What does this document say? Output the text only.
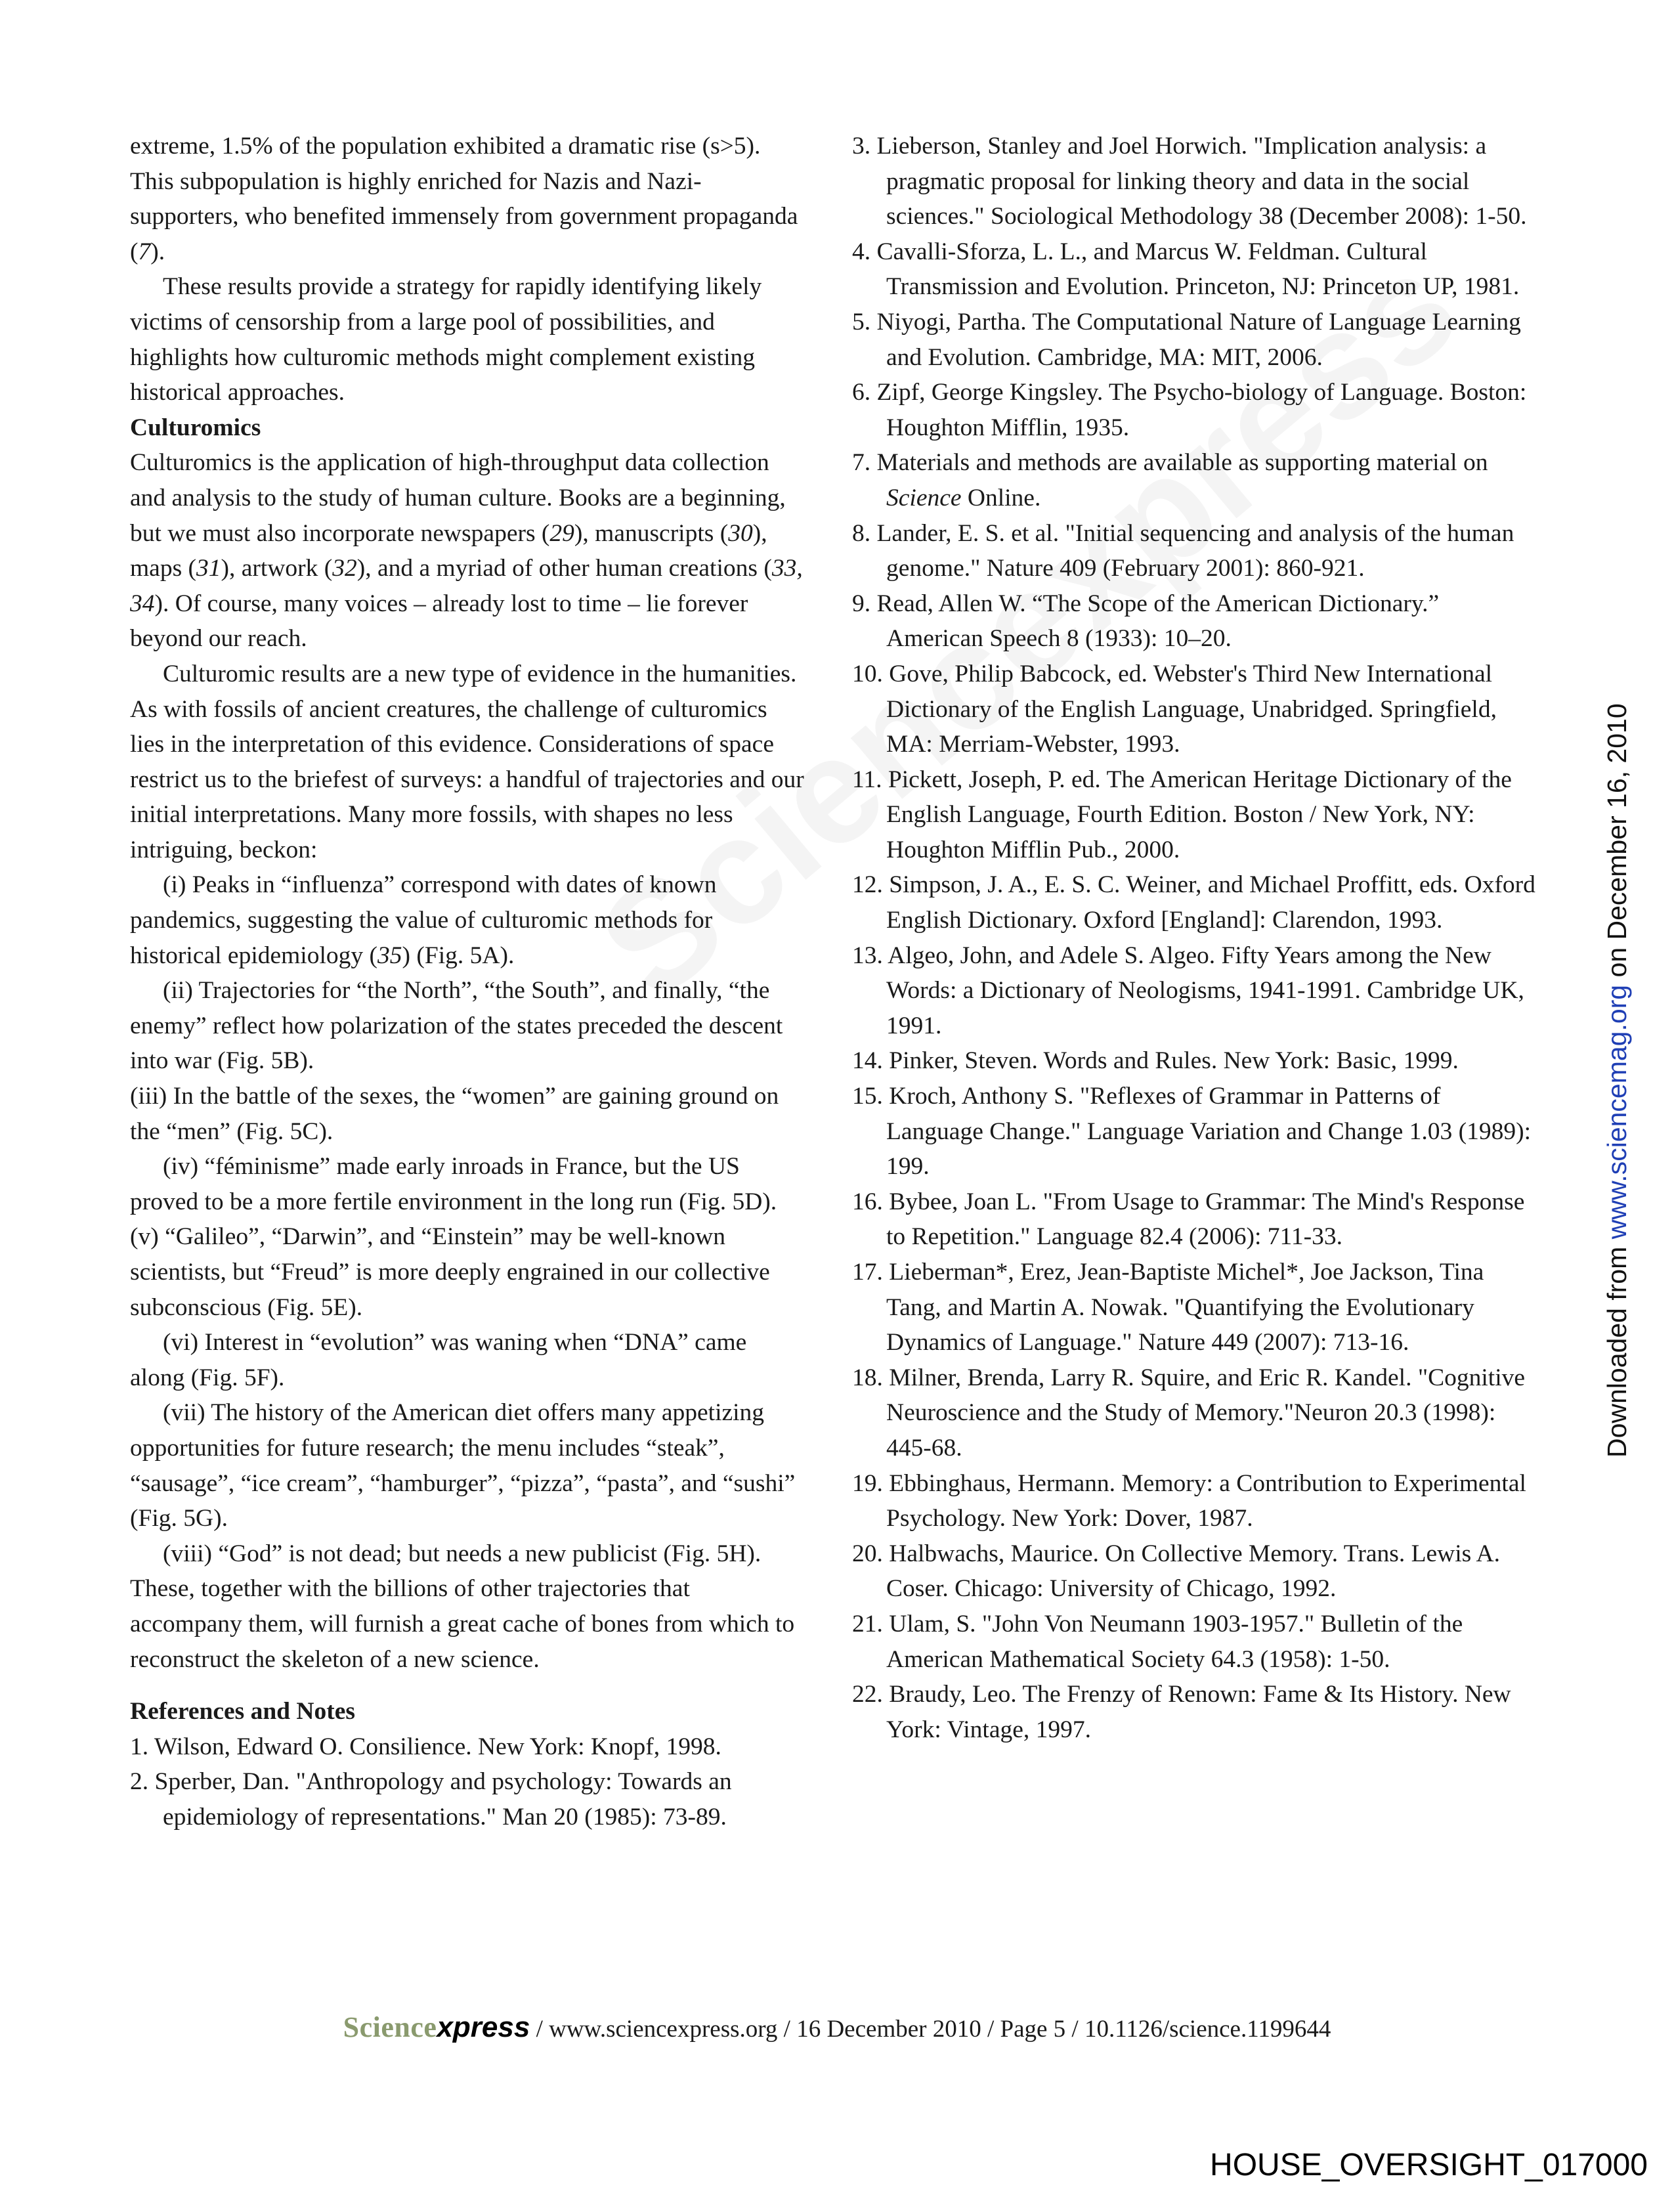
extreme, 1.5% of the population exhibited a dramatic rise (s>5). This subpopulation is highly enriched for Nazis and Nazi-supporters, who benefited immensely from government propaganda (7).

These results provide a strategy for rapidly identifying likely victims of censorship from a large pool of possibilities, and highlights how culturomic methods might complement existing historical approaches.

Culturomics

Culturomics is the application of high-throughput data collection and analysis to the study of human culture. Books are a beginning, but we must also incorporate newspapers (29), manuscripts (30), maps (31), artwork (32), and a myriad of other human creations (33, 34). Of course, many voices – already lost to time – lie forever beyond our reach.

Culturomic results are a new type of evidence in the humanities. As with fossils of ancient creatures, the challenge of culturomics lies in the interpretation of this evidence. Considerations of space restrict us to the briefest of surveys: a handful of trajectories and our initial interpretations. Many more fossils, with shapes no less intriguing, beckon:

(i) Peaks in “influenza” correspond with dates of known pandemics, suggesting the value of culturomic methods for historical epidemiology (35) (Fig. 5A).

(ii) Trajectories for “the North”, “the South”, and finally, “the enemy” reflect how polarization of the states preceded the descent into war (Fig. 5B).

(iii) In the battle of the sexes, the “women” are gaining ground on the “men” (Fig. 5C).

(iv) “féminisme” made early inroads in France, but the US proved to be a more fertile environment in the long run (Fig. 5D).

(v) “Galileo”, “Darwin”, and “Einstein” may be well-known scientists, but “Freud” is more deeply engrained in our collective subconscious (Fig. 5E).

(vi) Interest in “evolution” was waning when “DNA” came along (Fig. 5F).

(vii) The history of the American diet offers many appetizing opportunities for future research; the menu includes “steak”, “sausage”, “ice cream”, “hamburger”, “pizza”, “pasta”, and “sushi” (Fig. 5G).

(viii) “God” is not dead; but needs a new publicist (Fig. 5H).

These, together with the billions of other trajectories that accompany them, will furnish a great cache of bones from which to reconstruct the skeleton of a new science.

References and Notes

1. Wilson, Edward O. Consilience. New York: Knopf, 1998.

2. Sperber, Dan. "Anthropology and psychology: Towards an epidemiology of representations." Man 20 (1985): 73-89.

3. Lieberson, Stanley and Joel Horwich. "Implication analysis: a pragmatic proposal for linking theory and data in the social sciences." Sociological Methodology 38 (December 2008): 1-50.

4. Cavalli-Sforza, L. L., and Marcus W. Feldman. Cultural Transmission and Evolution. Princeton, NJ: Princeton UP, 1981.

5. Niyogi, Partha. The Computational Nature of Language Learning and Evolution. Cambridge, MA: MIT, 2006.

6. Zipf, George Kingsley. The Psycho-biology of Language. Boston: Houghton Mifflin, 1935.

7. Materials and methods are available as supporting material on Science Online.

8. Lander, E. S. et al. "Initial sequencing and analysis of the human genome." Nature 409 (February 2001): 860-921.

9. Read, Allen W. “The Scope of the American Dictionary.” American Speech 8 (1933): 10–20.

10. Gove, Philip Babcock, ed. Webster's Third New International Dictionary of the English Language, Unabridged. Springfield, MA: Merriam-Webster, 1993.

11. Pickett, Joseph, P. ed. The American Heritage Dictionary of the English Language, Fourth Edition. Boston / New York, NY: Houghton Mifflin Pub., 2000.

12. Simpson, J. A., E. S. C. Weiner, and Michael Proffitt, eds. Oxford English Dictionary. Oxford [England]: Clarendon, 1993.

13. Algeo, John, and Adele S. Algeo. Fifty Years among the New Words: a Dictionary of Neologisms, 1941-1991. Cambridge UK, 1991.

14. Pinker, Steven. Words and Rules. New York: Basic, 1999.

15. Kroch, Anthony S. "Reflexes of Grammar in Patterns of Language Change." Language Variation and Change 1.03 (1989): 199.

16. Bybee, Joan L. "From Usage to Grammar: The Mind's Response to Repetition." Language 82.4 (2006): 711-33.

17. Lieberman*, Erez, Jean-Baptiste Michel*, Joe Jackson, Tina Tang, and Martin A. Nowak. "Quantifying the Evolutionary Dynamics of Language." Nature 449 (2007): 713-16.

18. Milner, Brenda, Larry R. Squire, and Eric R. Kandel. "Cognitive Neuroscience and the Study of Memory."Neuron 20.3 (1998): 445-68.

19. Ebbinghaus, Hermann. Memory: a Contribution to Experimental Psychology. New York: Dover, 1987.

20. Halbwachs, Maurice. On Collective Memory. Trans. Lewis A. Coser. Chicago: University of Chicago, 1992.

21. Ulam, S. "John Von Neumann 1903-1957." Bulletin of the American Mathematical Society 64.3 (1958): 1-50.

22. Braudy, Leo. The Frenzy of Renown: Fame & Its History. New York: Vintage, 1997.

Downloaded from www.sciencemag.org on December 16, 2010
Sciencexpress / www.sciencexpress.org / 16 December 2010 / Page 5 / 10.1126/science.1199644
HOUSE_OVERSIGHT_017000
